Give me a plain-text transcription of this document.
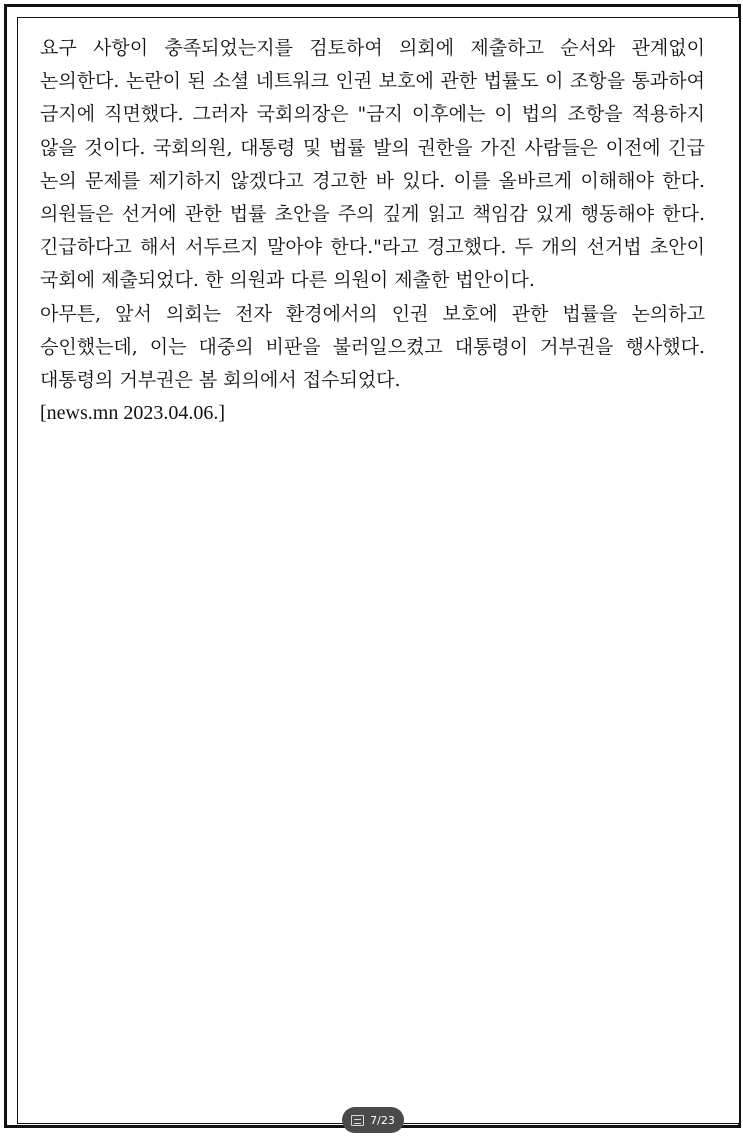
요구 사항이 충족되었는지를 검토하여 의회에 제출하고 순서와 관계없이 논의한다. 논란이 된 소셜 네트워크 인권 보호에 관한 법률도 이 조항을 통과하여 금지에 직면했다. 그러자 국회의장은 "금지 이후에는 이 법의 조항을 적용하지 않을 것이다. 국회의원, 대통령 및 법률 발의 권한을 가진 사람들은 이전에 긴급 논의 문제를 제기하지 않겠다고 경고한 바 있다. 이를 올바르게 이해해야 한다. 의원들은 선거에 관한 법률 초안을 주의 깊게 읽고 책임감 있게 행동해야 한다. 긴급하다고 해서 서두르지 말아야 한다."라고 경고했다. 두 개의 선거법 초안이 국회에 제출되었다. 한 의원과 다른 의원이 제출한 법안이다.

아무튼, 앞서 의회는 전자 환경에서의 인권 보호에 관한 법률을 논의하고 승인했는데, 이는 대중의 비판을 불러일으켰고 대통령이 거부권을 행사했다. 대통령의 거부권은 봄 회의에서 접수되었다.

[news.mn 2023.04.06.]

7/23
